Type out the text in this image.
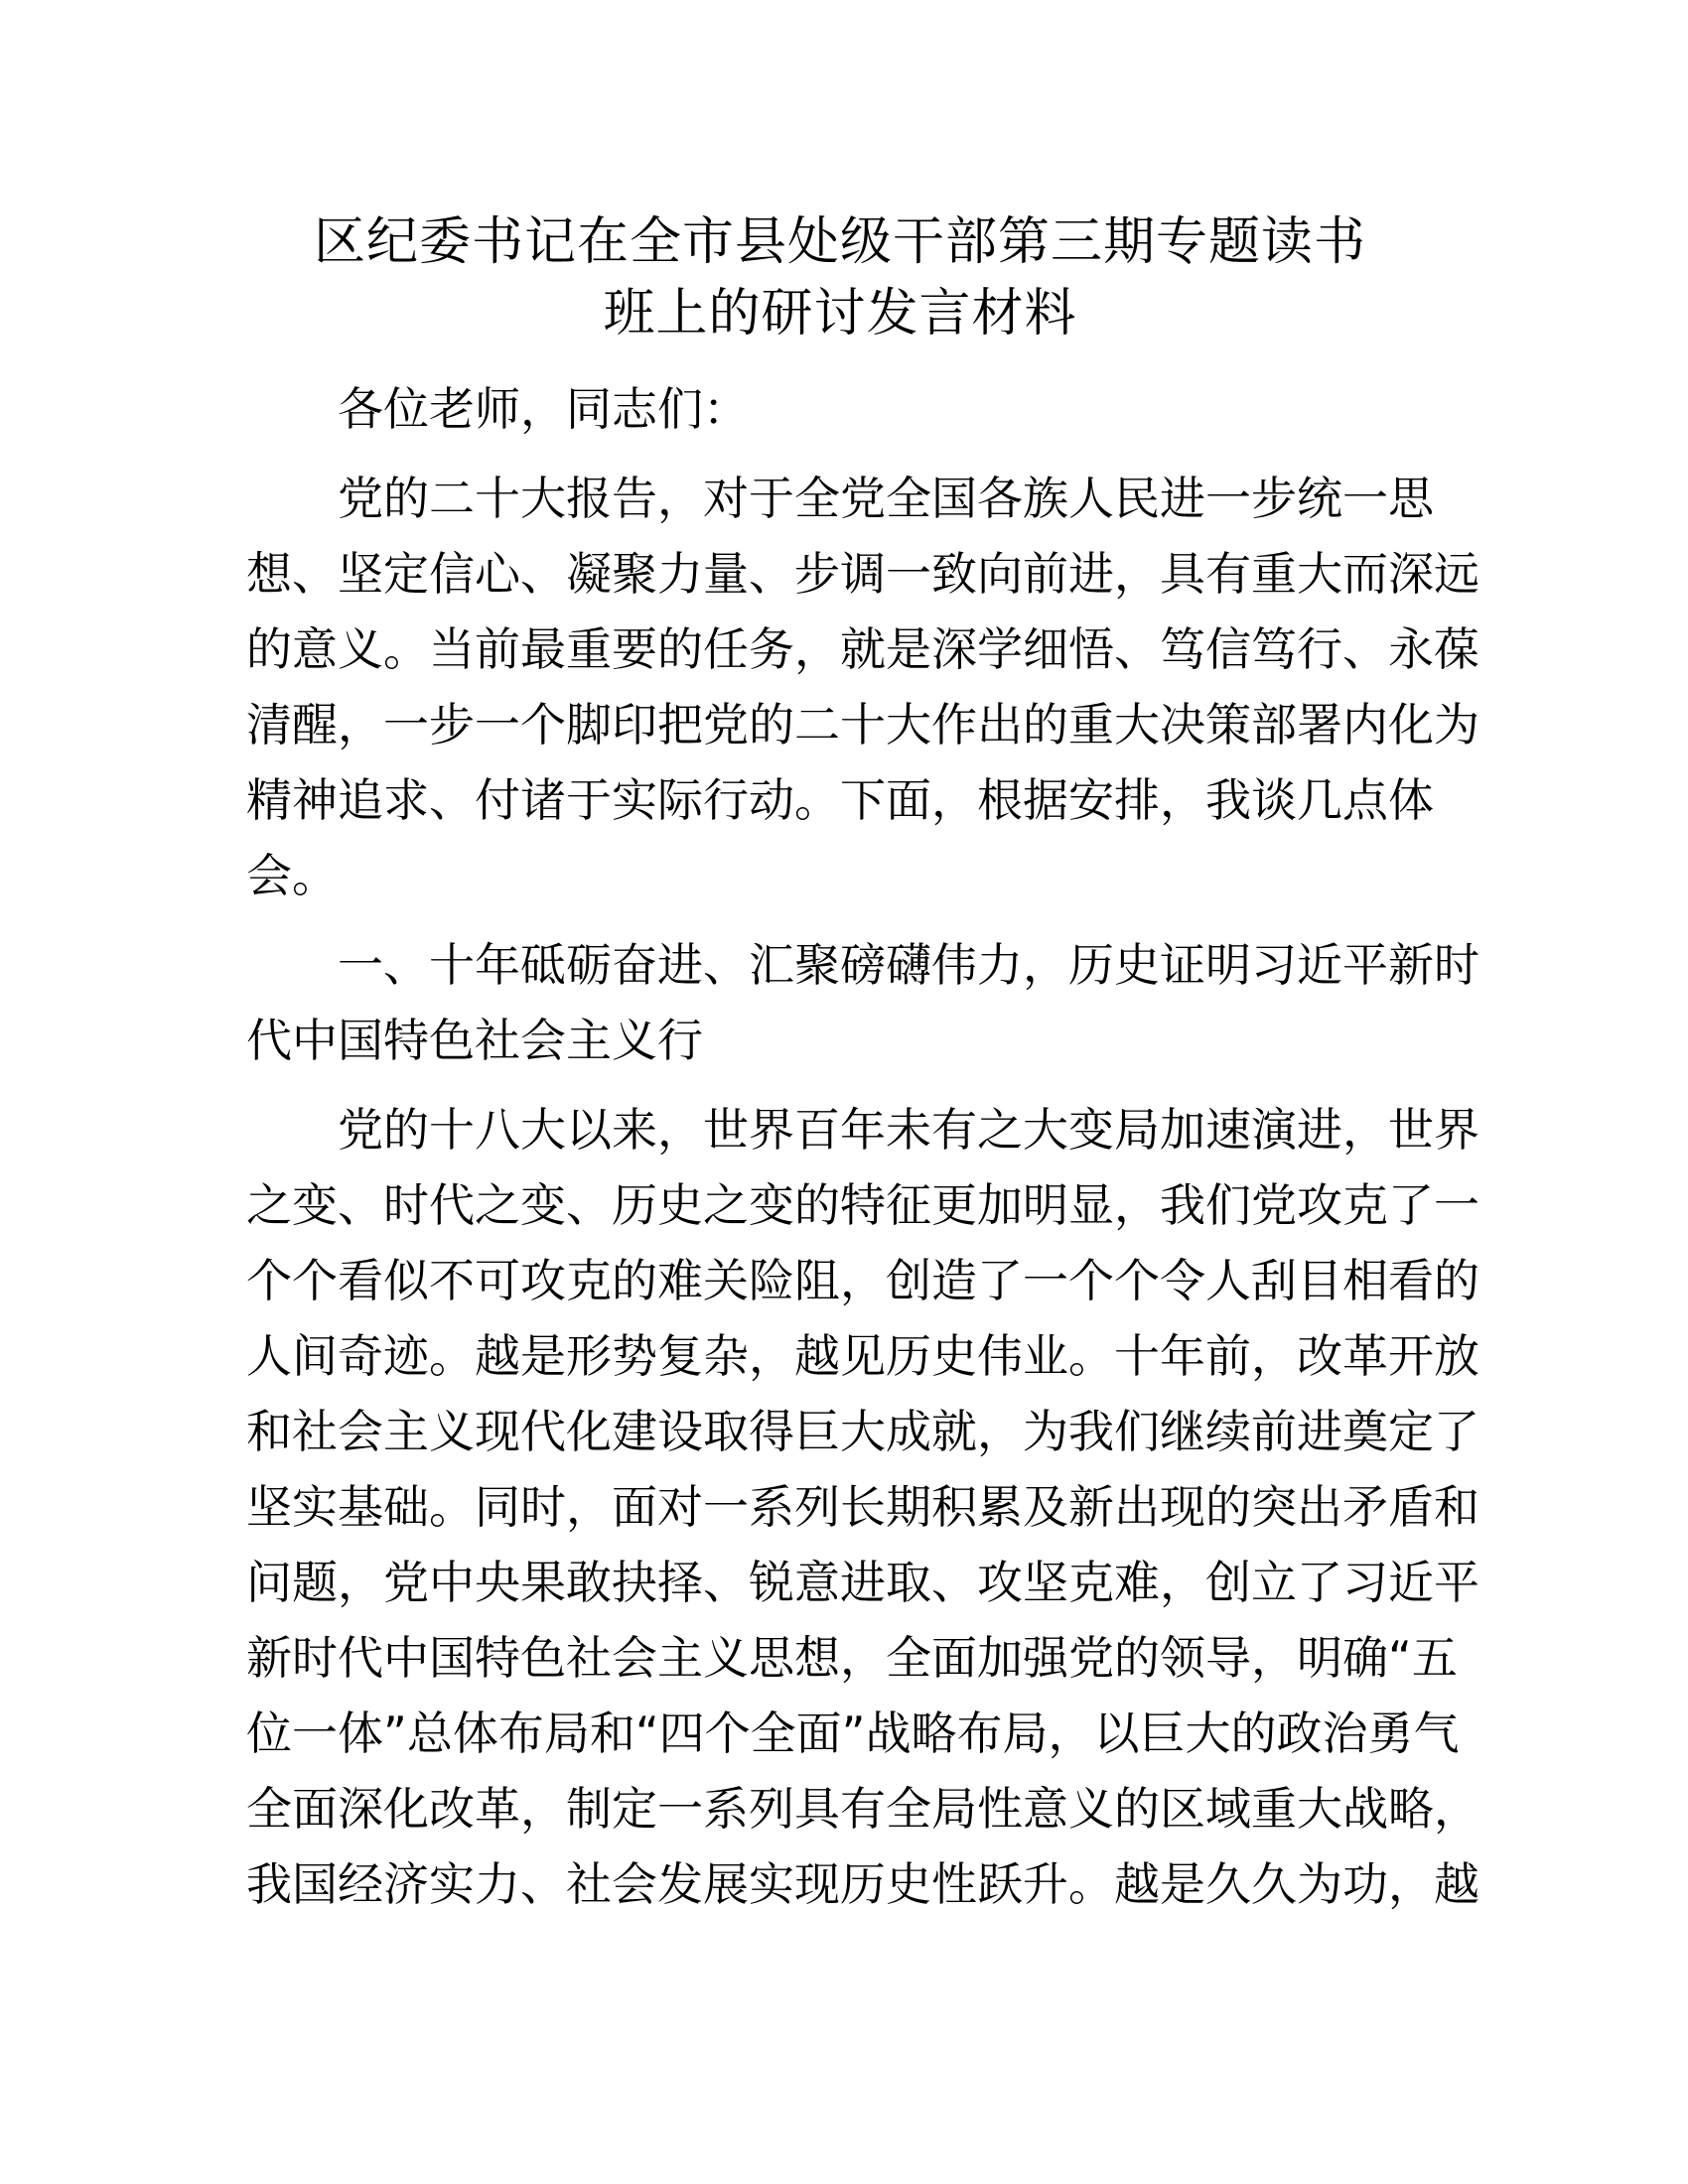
区纪委书记在全市县处级干部第三期专题读书
班上的研讨发言材料
各位老师，同志们：
党的二十大报告，对于全党全国各族人民进一步统一思
想、坚定信心、凝聚力量、步调一致向前进，具有重大而深远
的意义。当前最重要的任务，就是深学细悟、笃信笃行、永葆
清醒，一步一个脚印把党的二十大作出的重大决策部署内化为
精神追求、付诸于实际行动。下面，根据安排，我谈几点体
会。
一、十年砥砺奋进、汇聚磅礴伟力，历史证明习近平新时
代中国特色社会主义行
党的十八大以来，世界百年未有之大变局加速演进，世界
之变、时代之变、历史之变的特征更加明显，我们党攻克了一
个个看似不可攻克的难关险阻，创造了一个个令人刮目相看的
人间奇迹。越是形势复杂，越见历史伟业。十年前，改革开放
和社会主义现代化建设取得巨大成就，为我们继续前进奠定了
坚实基础。同时，面对一系列长期积累及新出现的突出矛盾和
问题，党中央果敢抉择、锐意进取、攻坚克难，创立了习近平
新时代中国特色社会主义思想，全面加强党的领导，明确“五
位一体”总体布局和“四个全面”战略布局，以巨大的政治勇气
全面深化改革，制定一系列具有全局性意义的区域重大战略，
我国经济实力、社会发展实现历史性跃升。越是久久为功，越
